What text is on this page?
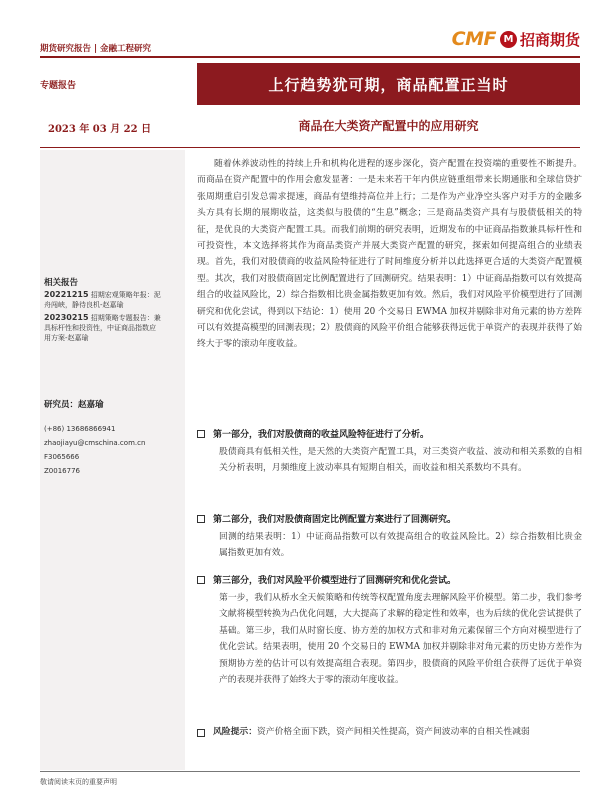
期货研究报告 | 金融工程研究	CMF M 招商期货
专题报告	上行趋势犹可期，商品配置正当时
2023 年 03 月 22 日	商品在大类资产配置中的应用研究
相关报告
20221215 招期宏观策略年报：泥
舟闯峡，静待良机-赵嘉瑜
20230215 招期策略专题报告：兼
具标杆性和投资性，中证商品指数应
用方案-赵嘉瑜
研究员：赵嘉瑜
(+86) 13686866941
zhaojiayu@cmschina.com.cn
F3065666
Z0016776

随着休养波动性的持续上升和机构化进程的逐步深化，资产配置在投资端的重要性不断提升。而商品在资产配置中的作用会愈发显著：一是未来若干年内供应链重组带来长期通胀和全球信贷扩张周期重启引发总需求提速，商品有望维持高位并上行；二是作为产业净空头客户对手方的金融多头方具有长期的展期收益，这类似与股债的“生息”概念；三是商品类资产具有与股债低相关的特征，是优良的大类资产配置工具。而我们前期的研究表明，近期发布的中证商品指数兼具标杆性和可投资性，本文选择将其作为商品类资产并展大类资产配置的研究，探索如何提高组合的业绩表现。首先，我们对股债商的收益风险特征进行了时间维度分析并以此选择更合适的大类资产配置模型。其次，我们对股债商固定比例配置进行了回测研究。结果表明：1）中证商品指数可以有效提高组合的收益风险比，2）综合指数相比贵金属指数更加有效。然后，我们对风险平价模型进行了回测研究和优化尝试，得到以下结论：1）使用 20 个交易日 EWMA 加权并剔除非对角元素的协方差阵可以有效提高模型的回测表现；2）股债商的风险平价组合能够获得远优于单资产的表现并获得了始终大于零的滚动年度收益。

第一部分，我们对股债商的收益风险特征进行了分析。
股债商具有低相关性，是天然的大类资产配置工具，对三类资产收益、波动和相关系数的自相关分析表明，月频维度上波动率具有短期自相关，而收益和相关系数均不具有。
第二部分，我们对股债商固定比例配置方案进行了回测研究。
回测的结果表明：1）中证商品指数可以有效提高组合的收益风险比。2）综合指数相比贵金属指数更加有效。
第三部分，我们对风险平价模型进行了回测研究和优化尝试。
第一步，我们从桥水全天候策略和传统等权配置角度去理解风险平价模型。第二步，我们参考文献将模型转换为凸优化问题，大大提高了求解的稳定性和效率，也为后续的优化尝试提供了基础。第三步，我们从时窗长度、协方差的加权方式和非对角元素保留三个方向对模型进行了优化尝试。结果表明，使用 20 个交易日的 EWMA 加权并剔除非对角元素的历史协方差作为预期协方差的估计可以有效提高组合表现。第四步，股债商的风险平价组合获得了远优于单资产的表现并获得了始终大于零的滚动年度收益。
风险提示：资产价格全面下跌，资产间相关性提高，资产间波动率的自相关性减弱
敬请阅读末页的重要声明
